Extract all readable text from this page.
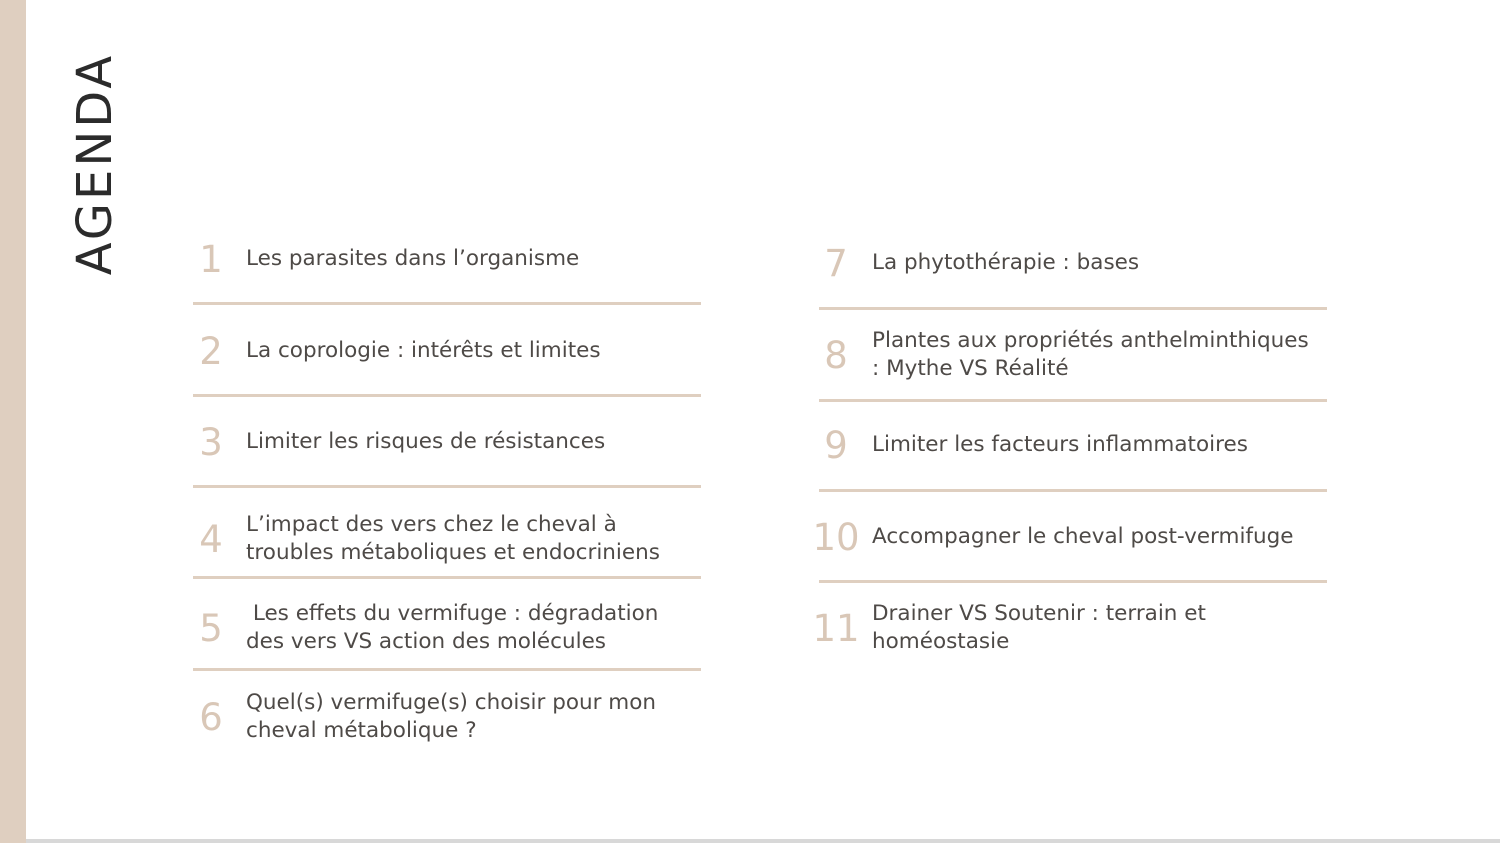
AGENDA	1	Les parasites dans l’organisme
2	La coprologie : intérêts et limites
3	Limiter les risques de résistances
4	L’impact des vers chez le cheval à troubles métaboliques et endocriniens
5	Les effets du vermifuge : dégradation des vers VS action des molécules
6	Quel(s) vermifuge(s) choisir pour mon cheval métabolique ?
7	La phytothérapie : bases
8	Plantes aux propriétés anthelminthiques : Mythe VS Réalité
9	Limiter les facteurs inflammatoires
10 Accompagner le cheval post-vermifuge
11 Drainer VS Soutenir : terrain et homéostasie
